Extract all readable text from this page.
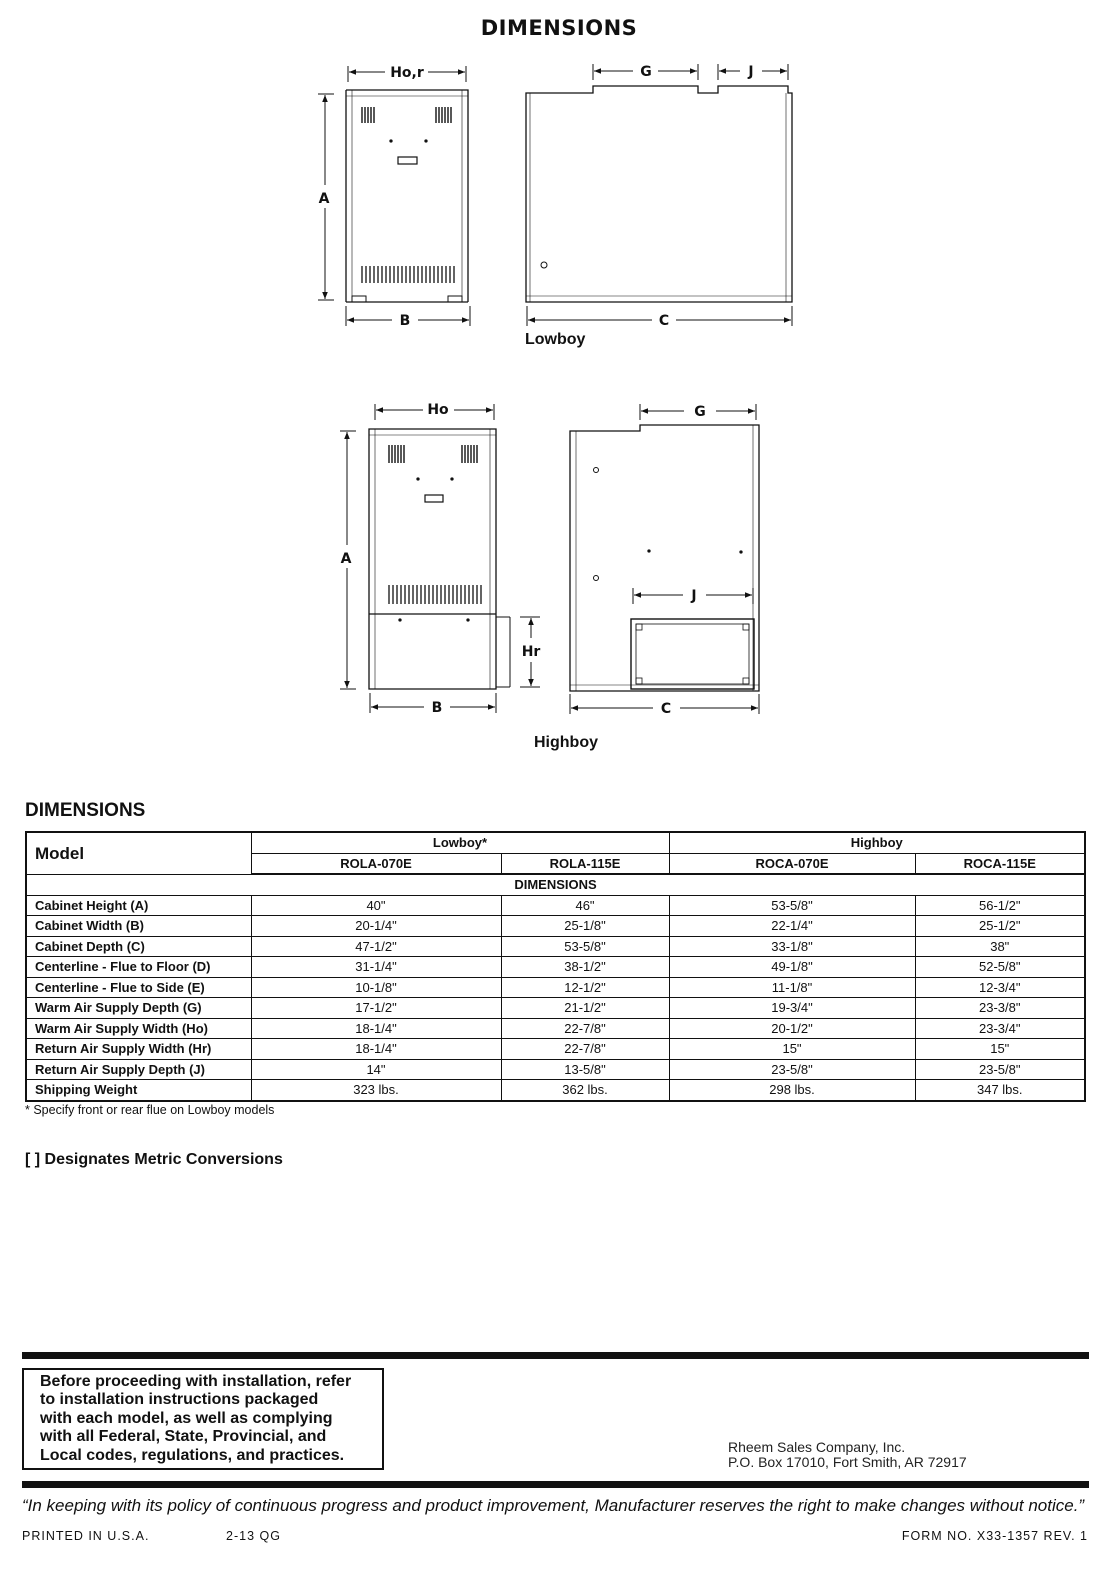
DIMENSIONS
Ho,r
A
B
G	J
C
Ho
A
Hr
B
G
J
C
Lowboy
Highboy
DIMENSIONS
Model	Lowboy*		Highboy	
	ROLA-070E	ROLA-115E	ROCA-070E	ROCA-115E
DIMENSIONS				
Cabinet Height (A)	40"	46"	53-5/8"	56-1/2"
Cabinet Width (B)	20-1/4"	25-1/8"	22-1/4"	25-1/2"
Cabinet Depth (C)	47-1/2"	53-5/8"	33-1/8"	38"
Centerline - Flue to Floor (D)	31-1/4"	38-1/2"	49-1/8"	52-5/8"
Centerline - Flue to Side (E)	10-1/8"	12-1/2"	11-1/8"	12-3/4"
Warm Air Supply Depth (G)	17-1/2"	21-1/2"	19-3/4"	23-3/8"
Warm Air Supply Width (Ho)	18-1/4"	22-7/8"	20-1/2"	23-3/4"
Return Air Supply Width (Hr)	18-1/4"	22-7/8"	15"	15"
Return Air Supply Depth (J)	14"	13-5/8"	23-5/8"	23-5/8"
Shipping Weight	323 lbs.	362 lbs.	298 lbs.	347 lbs.
* Specify front or rear flue on Lowboy models
[ ] Designates Metric Conversions
Before proceeding with installation, refer
to installation instructions packaged
with each model, as well as complying
with all Federal, State, Provincial, and
Local codes, regulations, and practices.	Rheem Sales Company, Inc.
P.O. Box 17010, Fort Smith, AR 72917
“In keeping with its policy of continuous progress and product improvement, Manufacturer reserves the right to make changes without notice.”
PRINTED IN U.S.A.	2-13 QG	FORM NO. X33-1357 REV. 1
